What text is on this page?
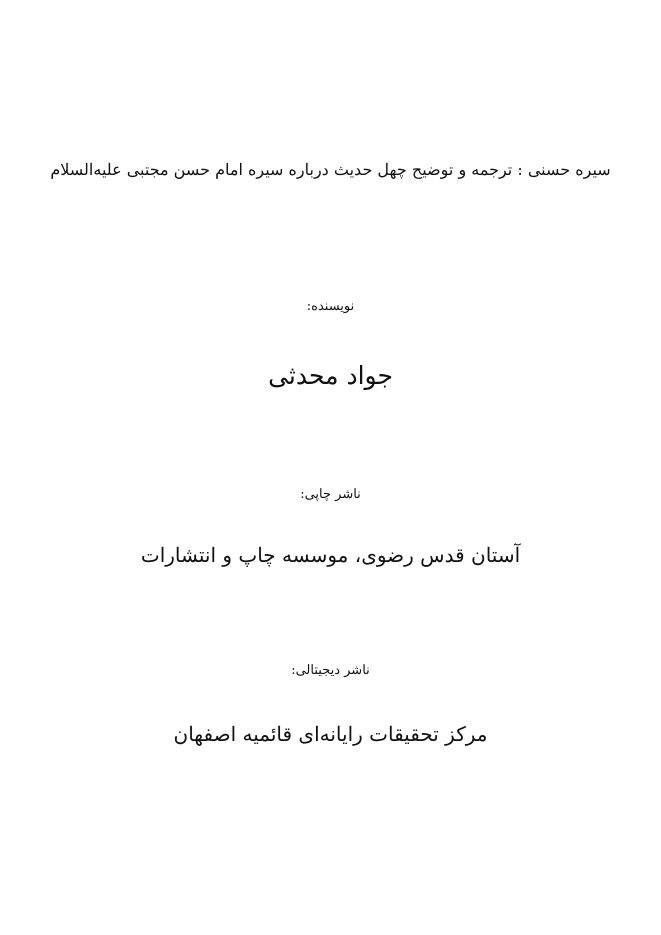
سیره حسنی : ترجمه و توضیح چهل حدیث درباره سیره امام حسن مجتبی علیه‌السلام
نویسنده:
جواد محدثی
ناشر چاپی:
آستان قدس رضوی، موسسه چاپ و انتشارات
ناشر دیجیتالی:
مرکز تحقیقات رایانه‌ای قائمیه اصفهان
